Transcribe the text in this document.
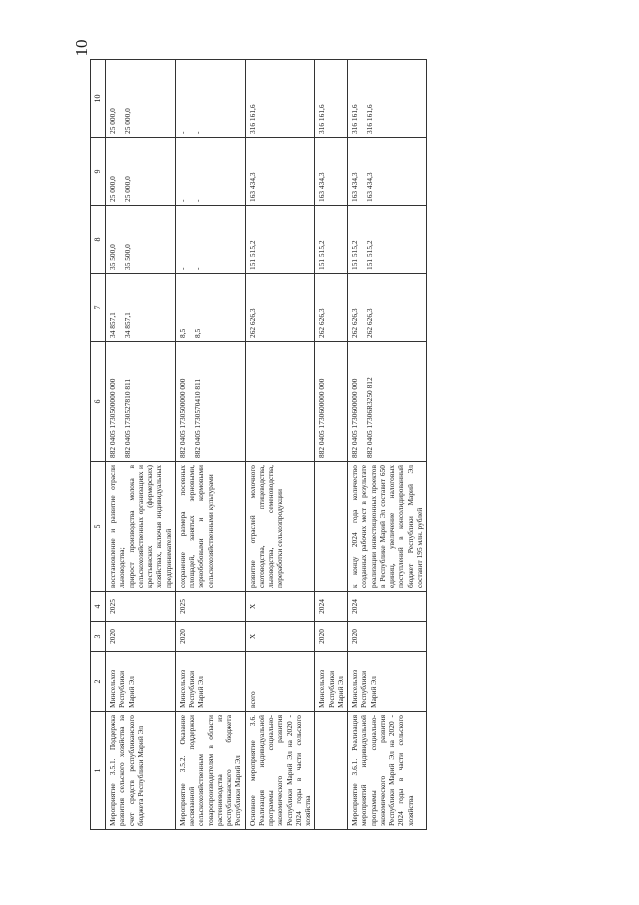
10
1	2	3	4	5	6	7	8	9	10
Мероприятие 3.5.1. Поддержка развития сельского хозяйства за счет средств республиканского бюджета Республики Марий Эл	Минсельхоз Республики Марий Эл	2020	2025	восстановление и развитие отрасли льноводства; прирост производства молока в сельскохозяйственных организациях и крестьянских (фермерских) хозяйствах, включая индивидуальных предпринимателей	882 0405 1730500000 000 882 0405 1730527810 811	34 857,1 34 857,1	35 500,0 35 500,0	25 000,0 25 000,0	25 000,0 25 000,0

Мероприятие 3.5.2. Оказание несвязанной поддержки сельскохозяйственным товаропроизводителям в области растениеводства из республиканского бюджета Республики Марий Эл	Минсельхоз Республики Марий Эл	2020	2025	сохранение размера посевных площадей, занятых зерновыми, зернобобовыми и кормовыми сельскохозяйственными культурами	882 0405 1730500000 000 882 0405 1730570410 811	8,5 8,5	- -	- -	- -

Основное мероприятие 3.6. Реализация индивидуальной программы социально-экономического развития Республики Марий Эл на 2020 - 2024 годы в части сельского хозяйства	всего	X	X	развитие отраслей молочного скотоводства, птицеводства, льноводства, семеноводства, переработки сельхозпродукции		262 626,3	151 515,2	163 434,3	316 161,6

	Минсельхоз Республики Марий Эл	2020	2024		882 0405 1730600000 000	262 626,3	151 515,2	163 434,3	316 161,6

Мероприятие 3.6.1. Реализация мероприятий индивидуальной программы социально-экономического развития Республики Марий Эл на 2020 - 2024 годы в части сельского хозяйства	Минсельхоз Республики Марий Эл	2020	2024	к концу 2024 года количество созданных рабочих мест в результате реализации инвестиционных проектов в Республике Марий Эл составит 650 единиц, увеличение налоговых поступлений в консолидированный бюджет Республики Марий Эл составит 195 млн. рублей	882 0405 1730600000 000 882 0405 17306R3250 812	262 626,3 262 626,3	151 515,2 151 515,2	163 434,3 163 434,3	316 161,6 316 161,6
